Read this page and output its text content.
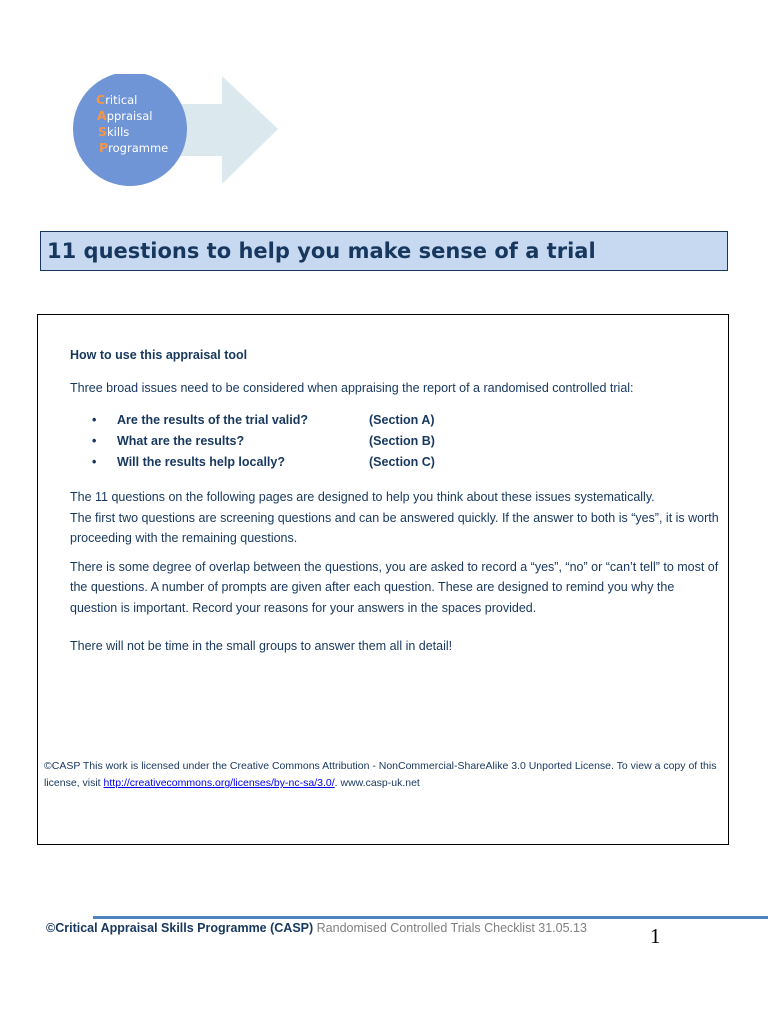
Critical
Appraisal
Skills
Programme
11 questions to help you make sense of a trial

How to use this appraisal tool

Three broad issues need to be considered when appraising the report of a randomised controlled trial:

• Are the results of the trial valid?	(Section A)
• What are the results?	(Section B)
• Will the results help locally?	(Section C)

The 11 questions on the following pages are designed to help you think about these issues systematically.

The first two questions are screening questions and can be answered quickly. If the answer to both is “yes”, it is worth proceeding with the remaining questions.

There is some degree of overlap between the questions, you are asked to record a “yes”, “no” or “can’t tell” to most of the questions. A number of prompts are given after each question. These are designed to remind you why the question is important. Record your reasons for your answers in the spaces provided.

There will not be time in the small groups to answer them all in detail!

©CASP This work is licensed under the Creative Commons Attribution - NonCommercial-ShareAlike 3.0 Unported License. To view a copy of this license, visit http://creativecommons.org/licenses/by-nc-sa/3.0/. www.casp-uk.net
©Critical Appraisal Skills Programme (CASP) Randomised Controlled Trials Checklist 31.05.13	1
